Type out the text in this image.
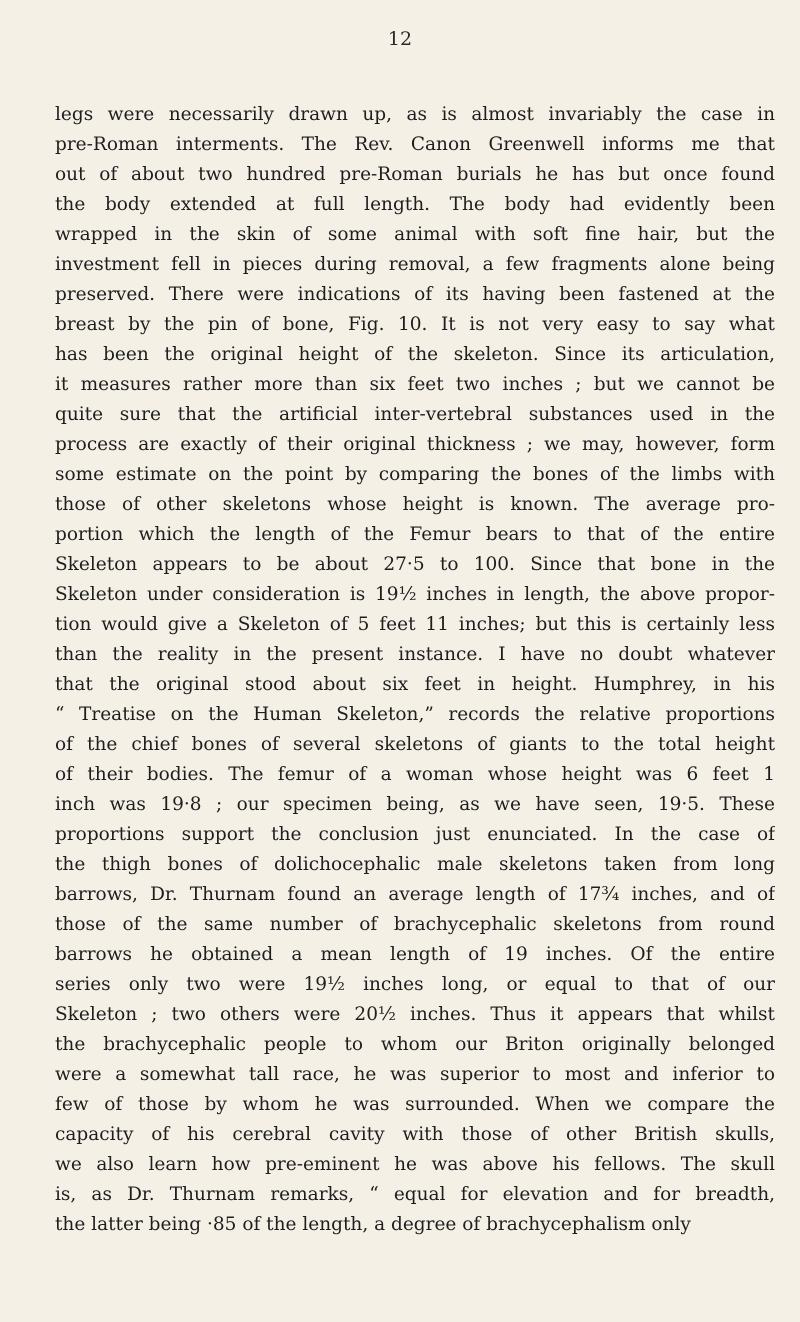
12
legs were necessarily drawn up, as is almost invariably the case in
pre-Roman interments. The Rev. Canon Greenwell informs me that
out of about two hundred pre-Roman burials he has but once found
the body extended at full length. The body had evidently been
wrapped in the skin of some animal with soft fine hair, but the
investment fell in pieces during removal, a few fragments alone being
preserved. There were indications of its having been fastened at the
breast by the pin of bone, Fig. 10. It is not very easy to say what
has been the original height of the skeleton. Since its articulation,
it measures rather more than six feet two inches ; but we cannot be
quite sure that the artificial inter-vertebral substances used in the
process are exactly of their original thickness ; we may, however, form
some estimate on the point by comparing the bones of the limbs with
those of other skeletons whose height is known. The average pro-
portion which the length of the Femur bears to that of the entire
Skeleton appears to be about 27·5 to 100. Since that bone in the
Skeleton under consideration is 19½ inches in length, the above propor-
tion would give a Skeleton of 5 feet 11 inches; but this is certainly less
than the reality in the present instance. I have no doubt whatever
that the original stood about six feet in height. Humphrey, in his
“ Treatise on the Human Skeleton,” records the relative proportions
of the chief bones of several skeletons of giants to the total height
of their bodies. The femur of a woman whose height was 6 feet 1
inch was 19·8 ; our specimen being, as we have seen, 19·5. These
proportions support the conclusion just enunciated. In the case of
the thigh bones of dolichocephalic male skeletons taken from long
barrows, Dr. Thurnam found an average length of 17¾ inches, and of
those of the same number of brachycephalic skeletons from round
barrows he obtained a mean length of 19 inches. Of the entire
series only two were 19½ inches long, or equal to that of our
Skeleton ; two others were 20½ inches. Thus it appears that whilst
the brachycephalic people to whom our Briton originally belonged
were a somewhat tall race, he was superior to most and inferior to
few of those by whom he was surrounded. When we compare the
capacity of his cerebral cavity with those of other British skulls,
we also learn how pre-eminent he was above his fellows. The skull
is, as Dr. Thurnam remarks, “ equal for elevation and for breadth,
the latter being ·85 of the length, a degree of brachycephalism only
